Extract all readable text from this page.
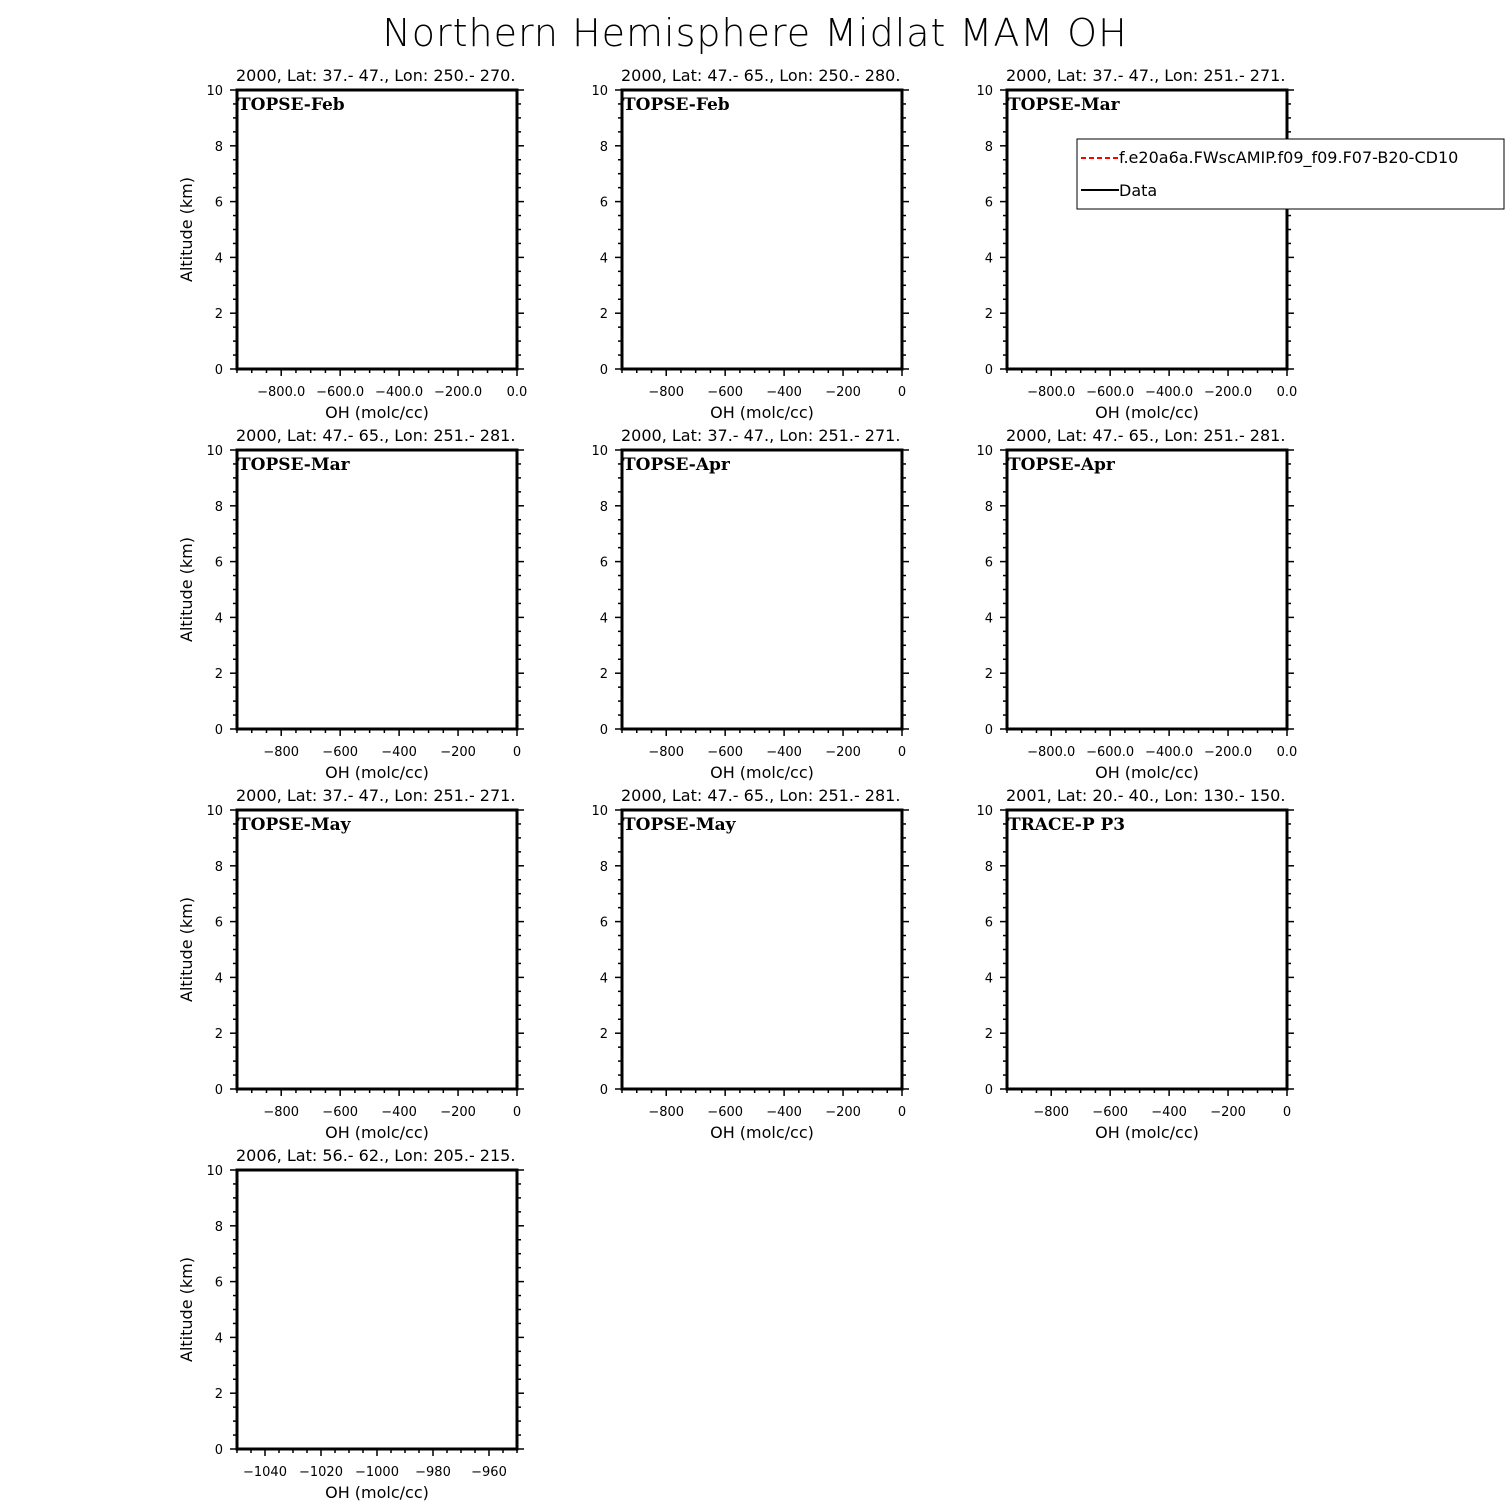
Northern Hemisphere Midlat MAM OH
2000, Lat: 37.- 47., Lon: 250.- 270.
TOPSE-Feb
0
2
4
6
8
10
−800.0 −600.0 −400.0 −200.0 0.0
OH (molc/cc)
Altitude (km)
2000, Lat: 47.- 65., Lon: 250.- 280.
TOPSE-Feb
0
2
4
6
8
10
−800 −600 −400 −200	0
OH (molc/cc)
2000, Lat: 37.- 47., Lon: 251.- 271.
TOPSE-Mar
0
2
4
6
8
10
−800.0 −600.0 −400.0 −200.0 0.0
OH (molc/cc)
2000, Lat: 47.- 65., Lon: 251.- 281.
TOPSE-Mar
0
2
4
6
8
10
−800 −600 −400 −200	0
OH (molc/cc)
Altitude (km)
2000, Lat: 37.- 47., Lon: 251.- 271.
TOPSE-Apr
0
2
4
6
8
10
−800 −600 −400 −200	0
OH (molc/cc)
2000, Lat: 47.- 65., Lon: 251.- 281.
TOPSE-Apr
0
2
4
6
8
10
−800.0 −600.0 −400.0 −200.0 0.0
OH (molc/cc)
2000, Lat: 37.- 47., Lon: 251.- 271.
TOPSE-May
0
2
4
6
8
10
−800 −600 −400 −200	0
OH (molc/cc)
Altitude (km)
2000, Lat: 47.- 65., Lon: 251.- 281.
TOPSE-May
0
2
4
6
8
10
−800 −600 −400 −200	0
OH (molc/cc)
2001, Lat: 20.- 40., Lon: 130.- 150.
TRACE-P P3
0
2
4
6
8
10
−800 −600 −400 −200	0
OH (molc/cc)
2006, Lat: 56.- 62., Lon: 205.- 215.
0
2
4
6
8
10
−1040 −1020 −1000 −980 −960
OH (molc/cc)
Altitude (km)
f.e20a6a.FWscAMIP.f09_f09.F07-B20-CD10
Data
